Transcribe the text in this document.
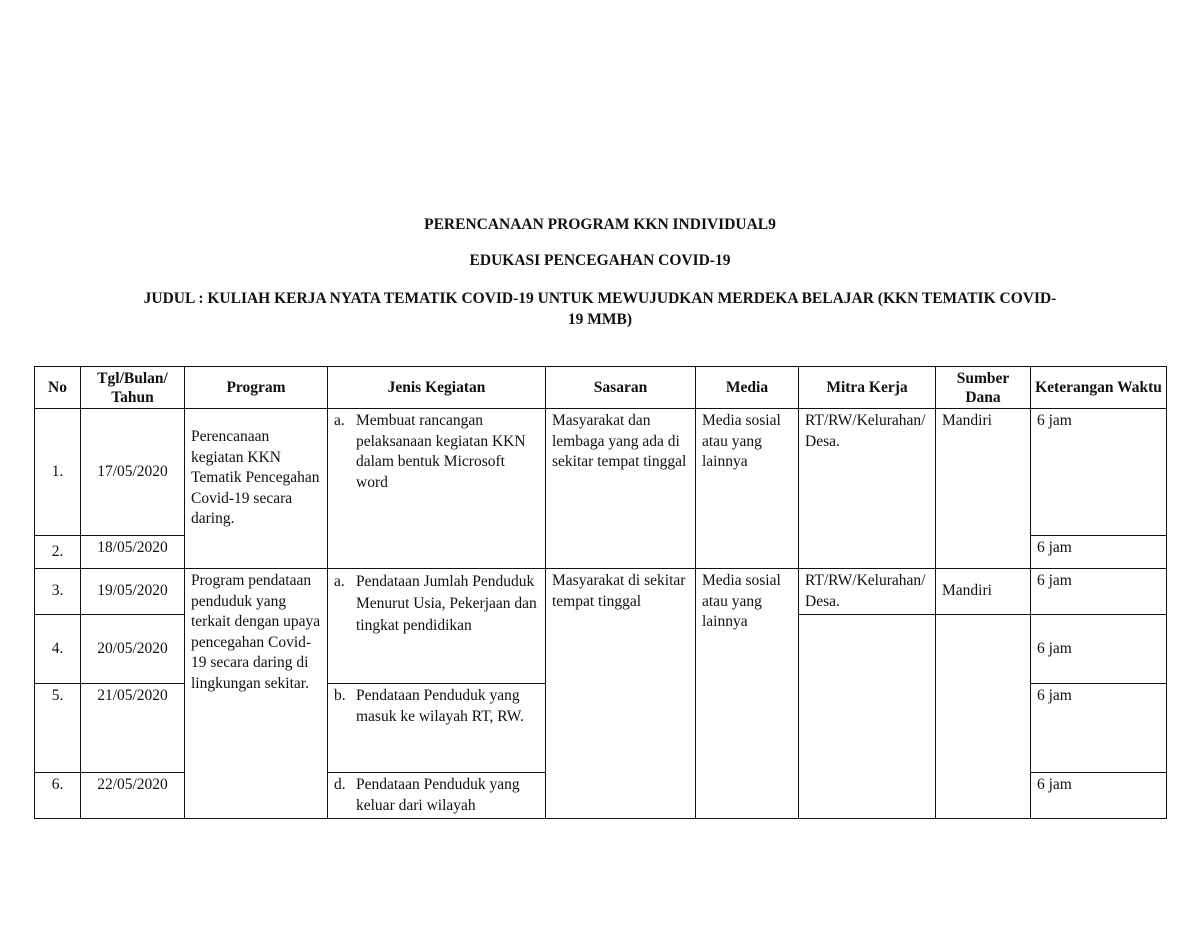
PERENCANAAN PROGRAM KKN INDIVIDUAL9
EDUKASI PENCEGAHAN COVID-19
JUDUL : KULIAH KERJA NYATA TEMATIK COVID-19 UNTUK MEWUJUDKAN MERDEKA BELAJAR (KKN TEMATIK COVID-19 MMB)
No	Tgl/Bulan/ Tahun	Program	Jenis Kegiatan	Sasaran	Media	Mitra Kerja	Sumber Dana	Keterangan Waktu
1.	17/05/2020	Perencanaan kegiatan KKN Tematik Pencegahan Covid-19 secara daring.	a. Membuat rancangan pelaksanaan kegiatan KKN dalam bentuk Microsoft word	Masyarakat dan lembaga yang ada di sekitar tempat tinggal	Media sosial atau yang lainnya	RT/RW/Kelurahan/Desa.	Mandiri	6 jam
2.	18/05/2020							6 jam
3.	19/05/2020	Program pendataan penduduk yang terkait dengan upaya pencegahan Covid-19 secara daring di lingkungan sekitar.	a. Pendataan Jumlah Penduduk Menurut Usia, Pekerjaan dan tingkat pendidikan	Masyarakat di sekitar tempat tinggal	Media sosial atau yang lainnya	RT/RW/Kelurahan/Desa.	Mandiri	6 jam
4.	20/05/2020							6 jam
5.	21/05/2020		b. Pendataan Penduduk yang masuk ke wilayah RT, RW.					6 jam
6.	22/05/2020		d. Pendataan Penduduk yang keluar dari wilayah					6 jam
